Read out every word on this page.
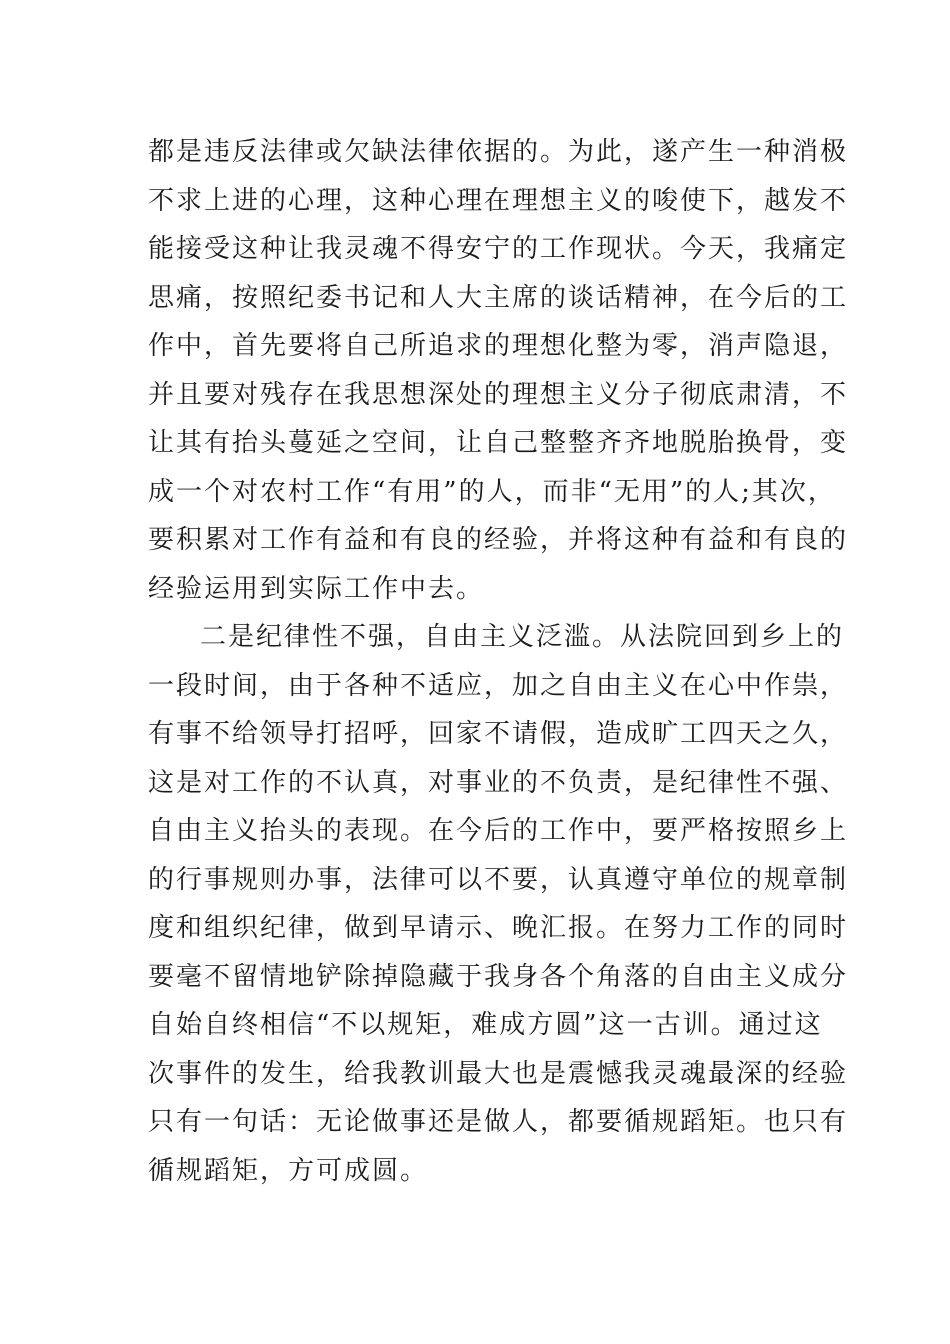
都是违反法律或欠缺法律依据的。为此，遂产生一种消极
不求上进的心理，这种心理在理想主义的唆使下，越发不
能接受这种让我灵魂不得安宁的工作现状。今天，我痛定
思痛，按照纪委书记和人大主席的谈话精神，在今后的工
作中，首先要将自己所追求的理想化整为零，消声隐退，
并且要对残存在我思想深处的理想主义分子彻底肃清，不
让其有抬头蔓延之空间，让自己整整齐齐地脱胎换骨，变
成一个对农村工作“有用”的人，而非“无用”的人;其次，
要积累对工作有益和有良的经验，并将这种有益和有良的
经验运用到实际工作中去。
二是纪律性不强，自由主义泛滥。从法院回到乡上的
一段时间，由于各种不适应，加之自由主义在心中作祟，
有事不给领导打招呼，回家不请假，造成旷工四天之久，
这是对工作的不认真，对事业的不负责，是纪律性不强、
自由主义抬头的表现。在今后的工作中，要严格按照乡上
的行事规则办事，法律可以不要，认真遵守单位的规章制
度和组织纪律，做到早请示、晚汇报。在努力工作的同时
要毫不留情地铲除掉隐藏于我身各个角落的自由主义成分
自始自终相信“不以规矩，难成方圆”这一古训。通过这
次事件的发生，给我教训最大也是震憾我灵魂最深的经验
只有一句话：无论做事还是做人，都要循规蹈矩。也只有
循规蹈矩，方可成圆。
